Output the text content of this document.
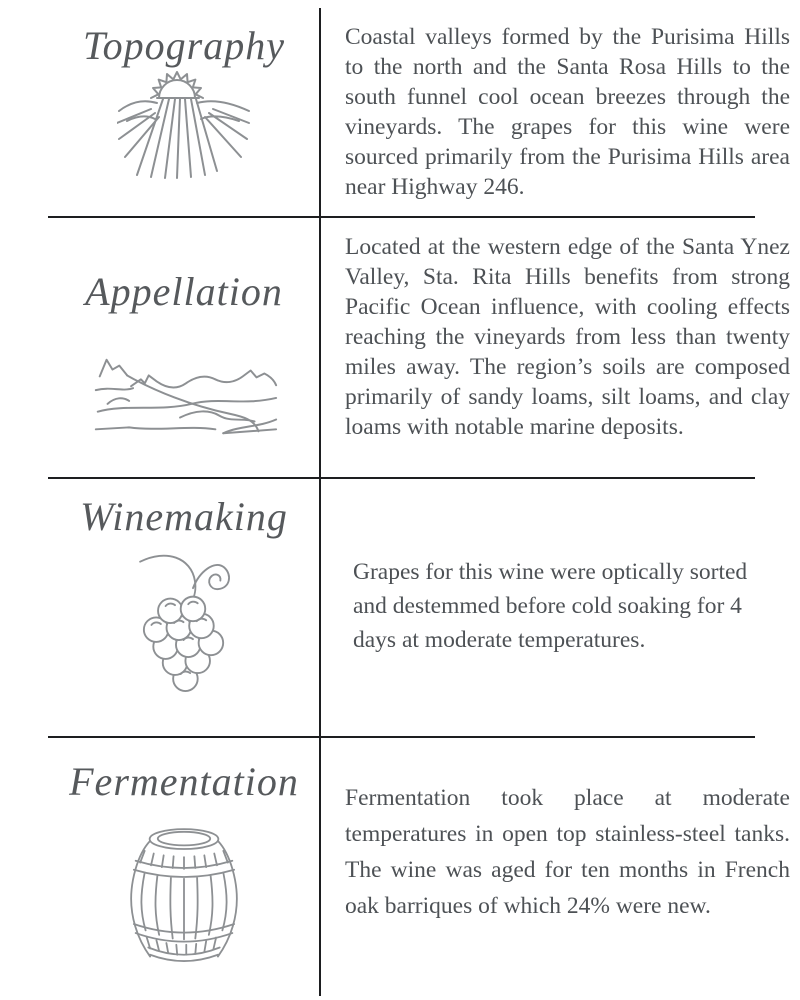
Topography	Coastal valleys formed by the Purisima Hills to the north and the Santa Rosa Hills to the south funnel cool ocean breezes through the vineyards. The grapes for this wine were sourced primarily from the Purisima Hills area near Highway 246.

Appellation

Located at the western edge of the Santa Ynez Valley, Sta. Rita Hills benefits from strong Pacific Ocean influence, with cooling effects reaching the vineyards from less than twenty miles away. The region’s soils are composed primarily of sandy loams, silt loams, and clay loams with notable marine deposits.

Winemaking

Grapes for this wine were optically sorted and destemmed before cold soaking for 4 days at moderate temperatures.

Fermentation Fermentation took place at moderate temperatures in open top stainless-steel tanks. The wine was aged for ten months in French oak barriques of which 24% were new.
